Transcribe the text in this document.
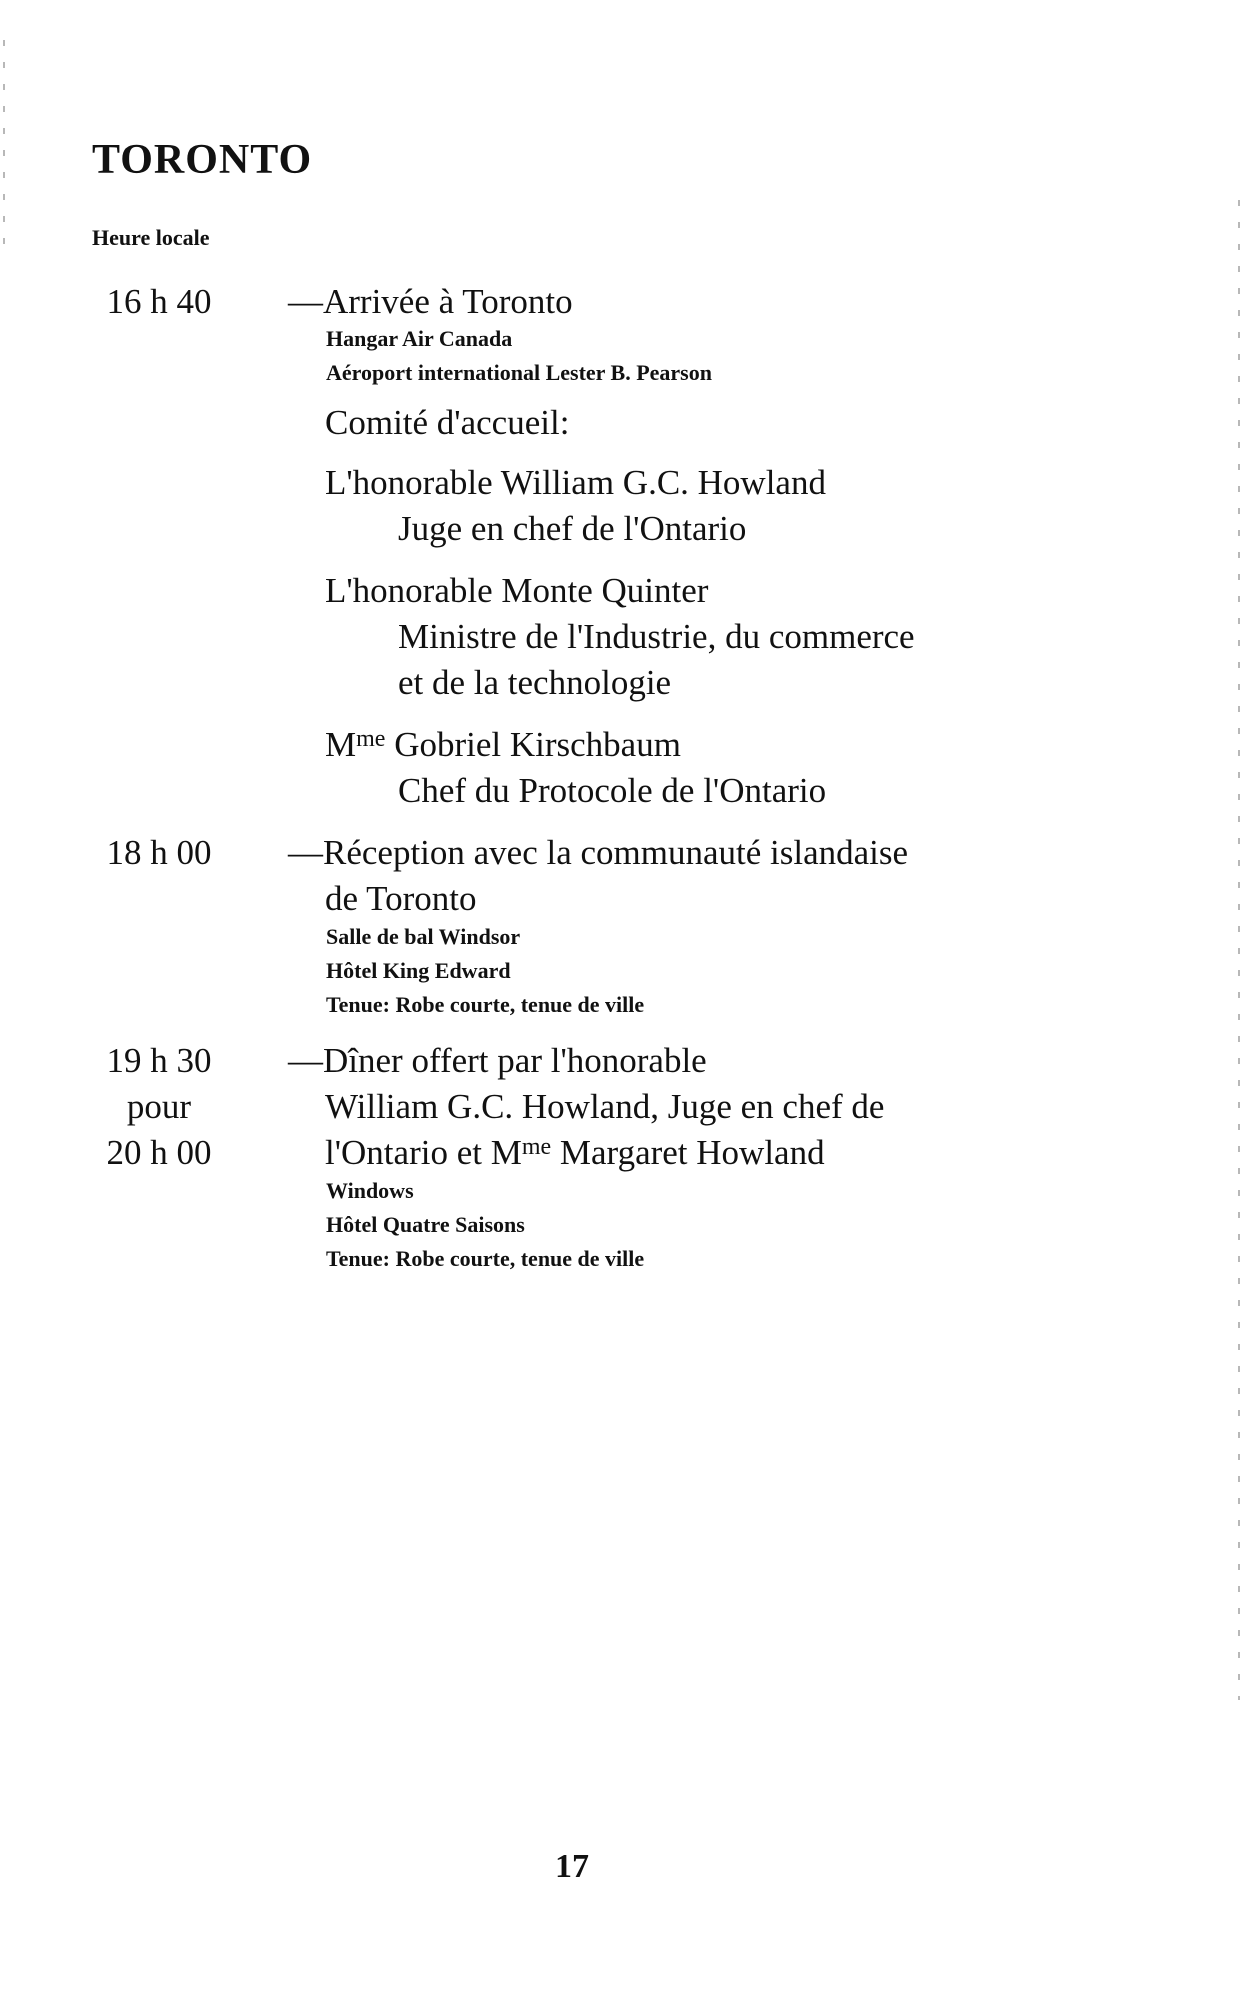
TORONTO
Heure locale
16 h 40	—Arrivée à Toronto
Hangar Air Canada
Aéroport international Lester B. Pearson
Comité d'accueil:
L'honorable William G.C. Howland
Juge en chef de l'Ontario
L'honorable Monte Quinter
Ministre de l'Industrie, du commerce
et de la technologie
$M^{me}$ Gobriel Kirschbaum
Chef du Protocole de l'Ontario
18 h 00	—Réception avec la communauté islandaise
de Toronto
Salle de bal Windsor
Hôtel King Edward
Tenue: Robe courte, tenue de ville
19 h 30
pour
20 h 00
—Dîner offert par l'honorable
William G.C. Howland, Juge en chef de
l'Ontario et $M^{me}$ Margaret Howland
Windows
Hôtel Quatre Saisons
Tenue: Robe courte, tenue de ville
17
